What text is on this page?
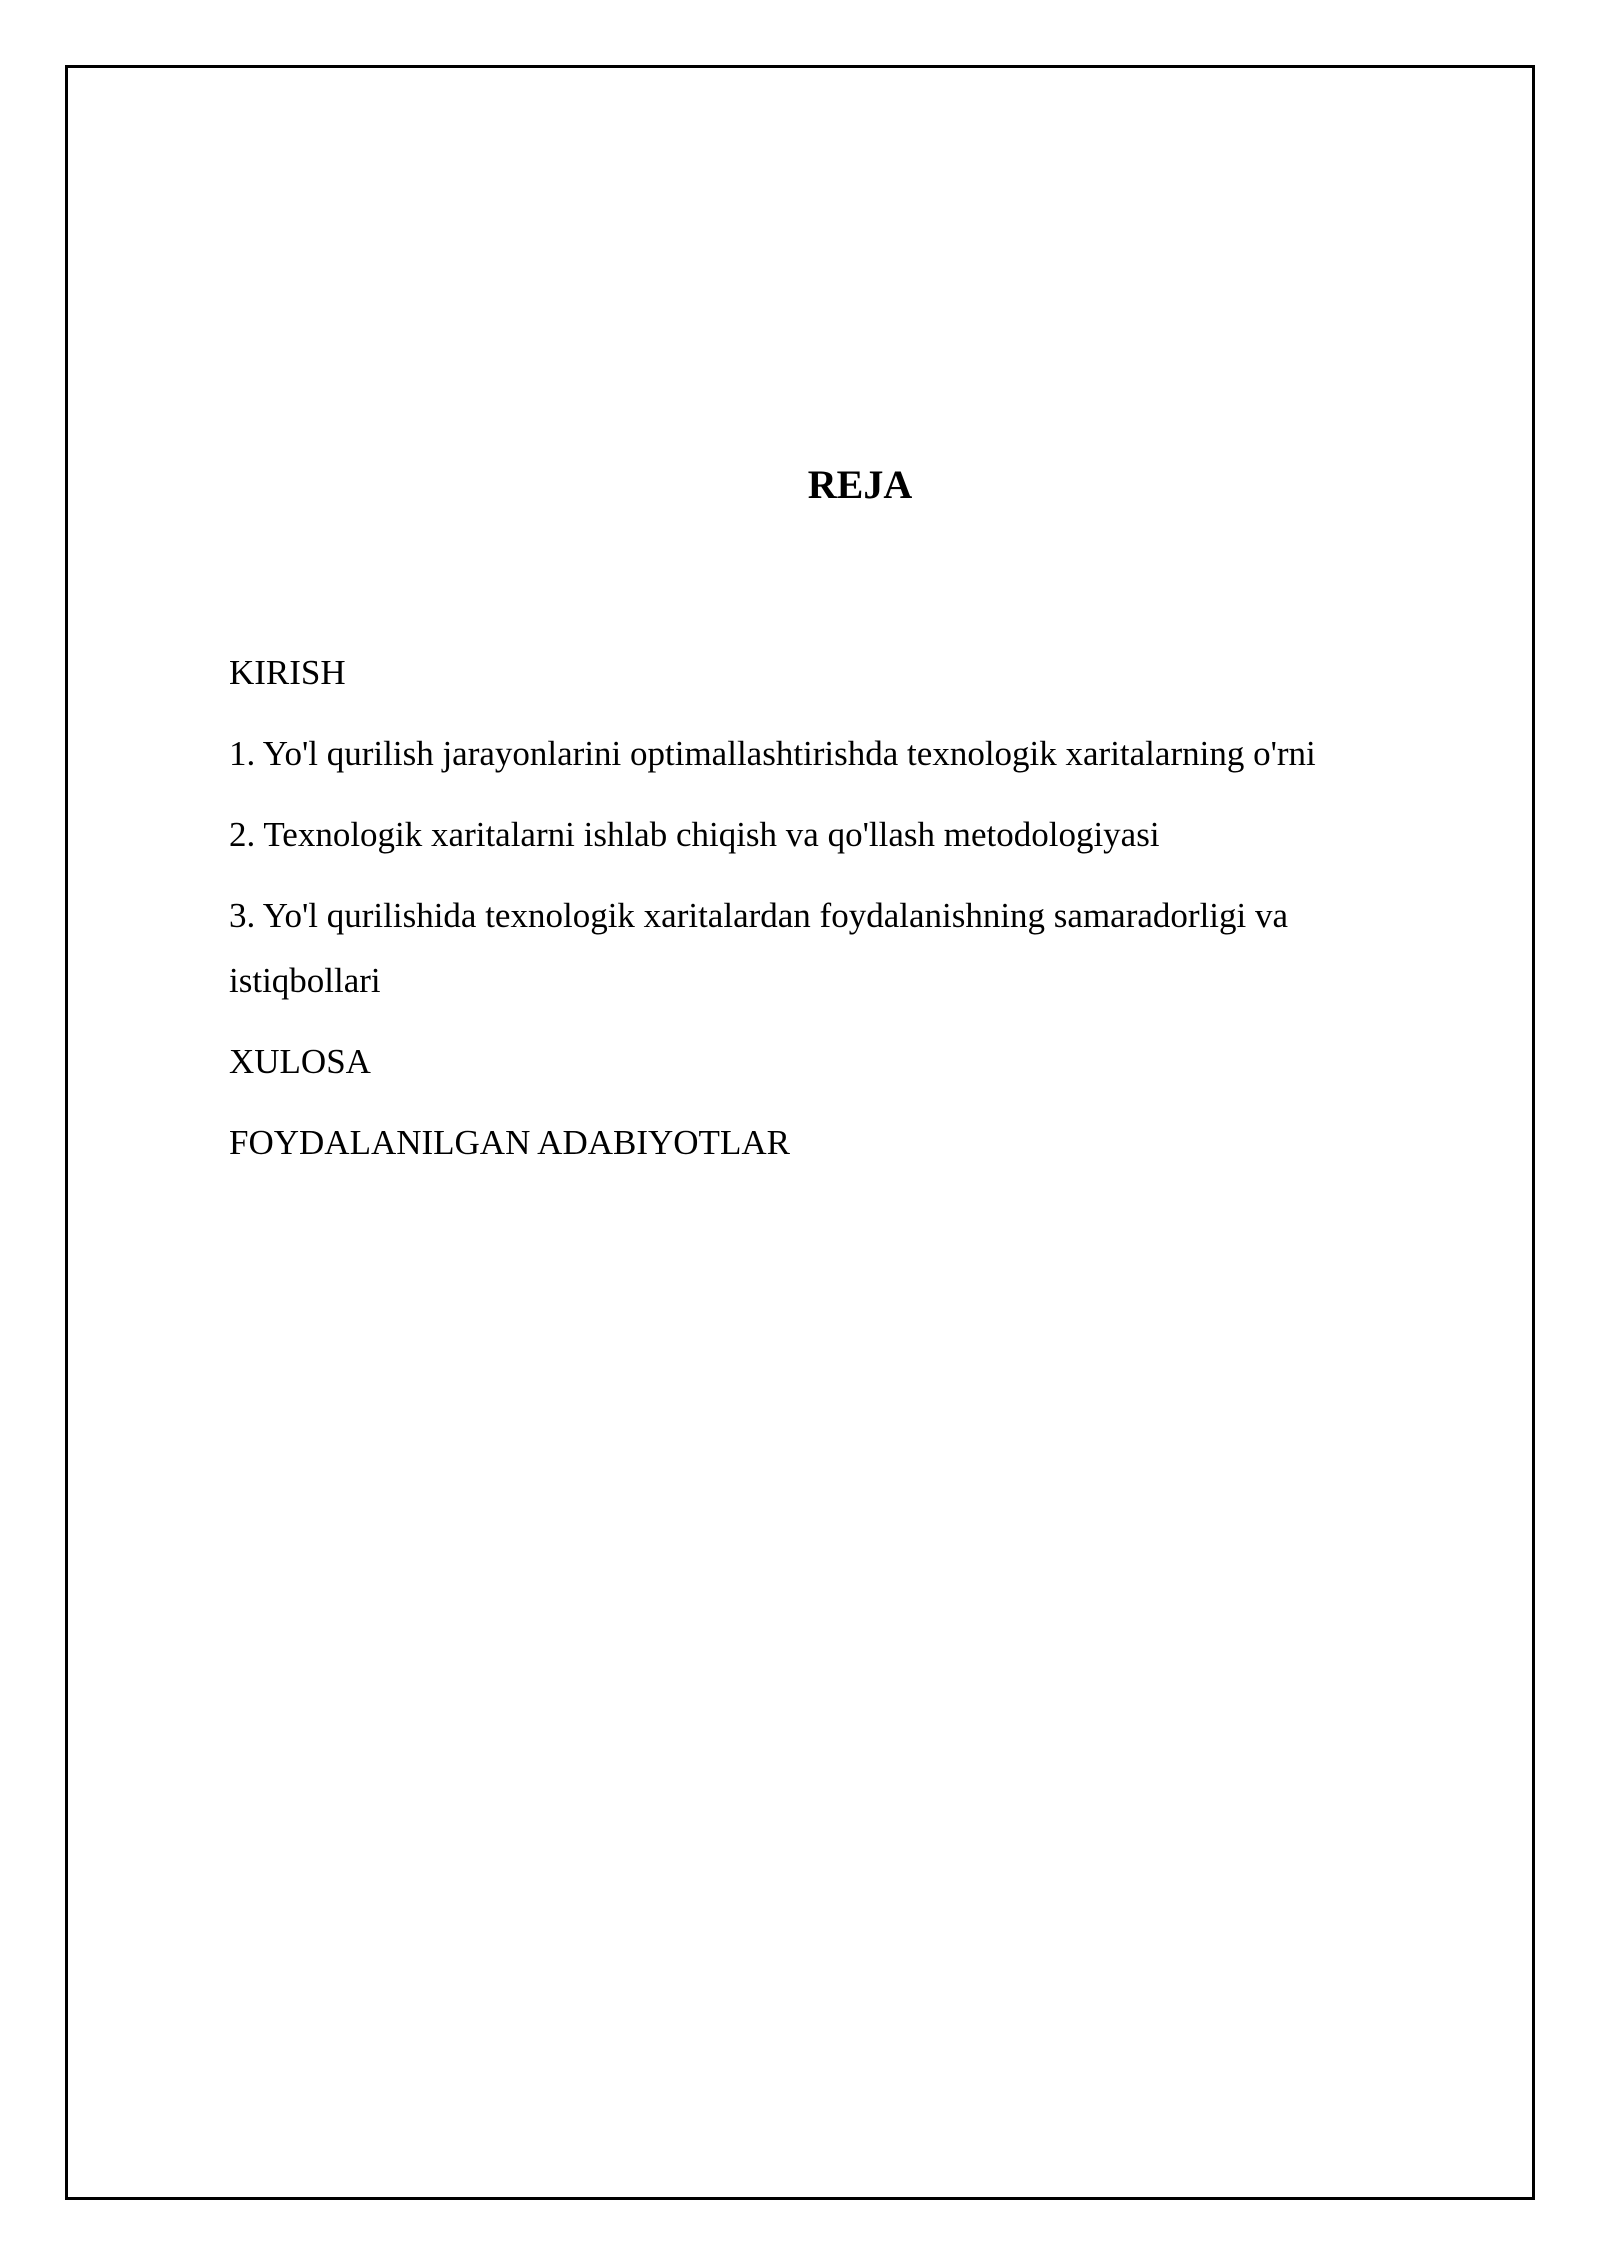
REJA
KIRISH
1. Yo'l qurilish jarayonlarini optimallashtirishda texnologik xaritalarning o'rni
2. Texnologik xaritalarni ishlab chiqish va qo'llash metodologiyasi
3. Yo'l qurilishida texnologik xaritalardan foydalanishning samaradorligi va istiqbollari
XULOSA
FOYDALANILGAN ADABIYOTLAR
